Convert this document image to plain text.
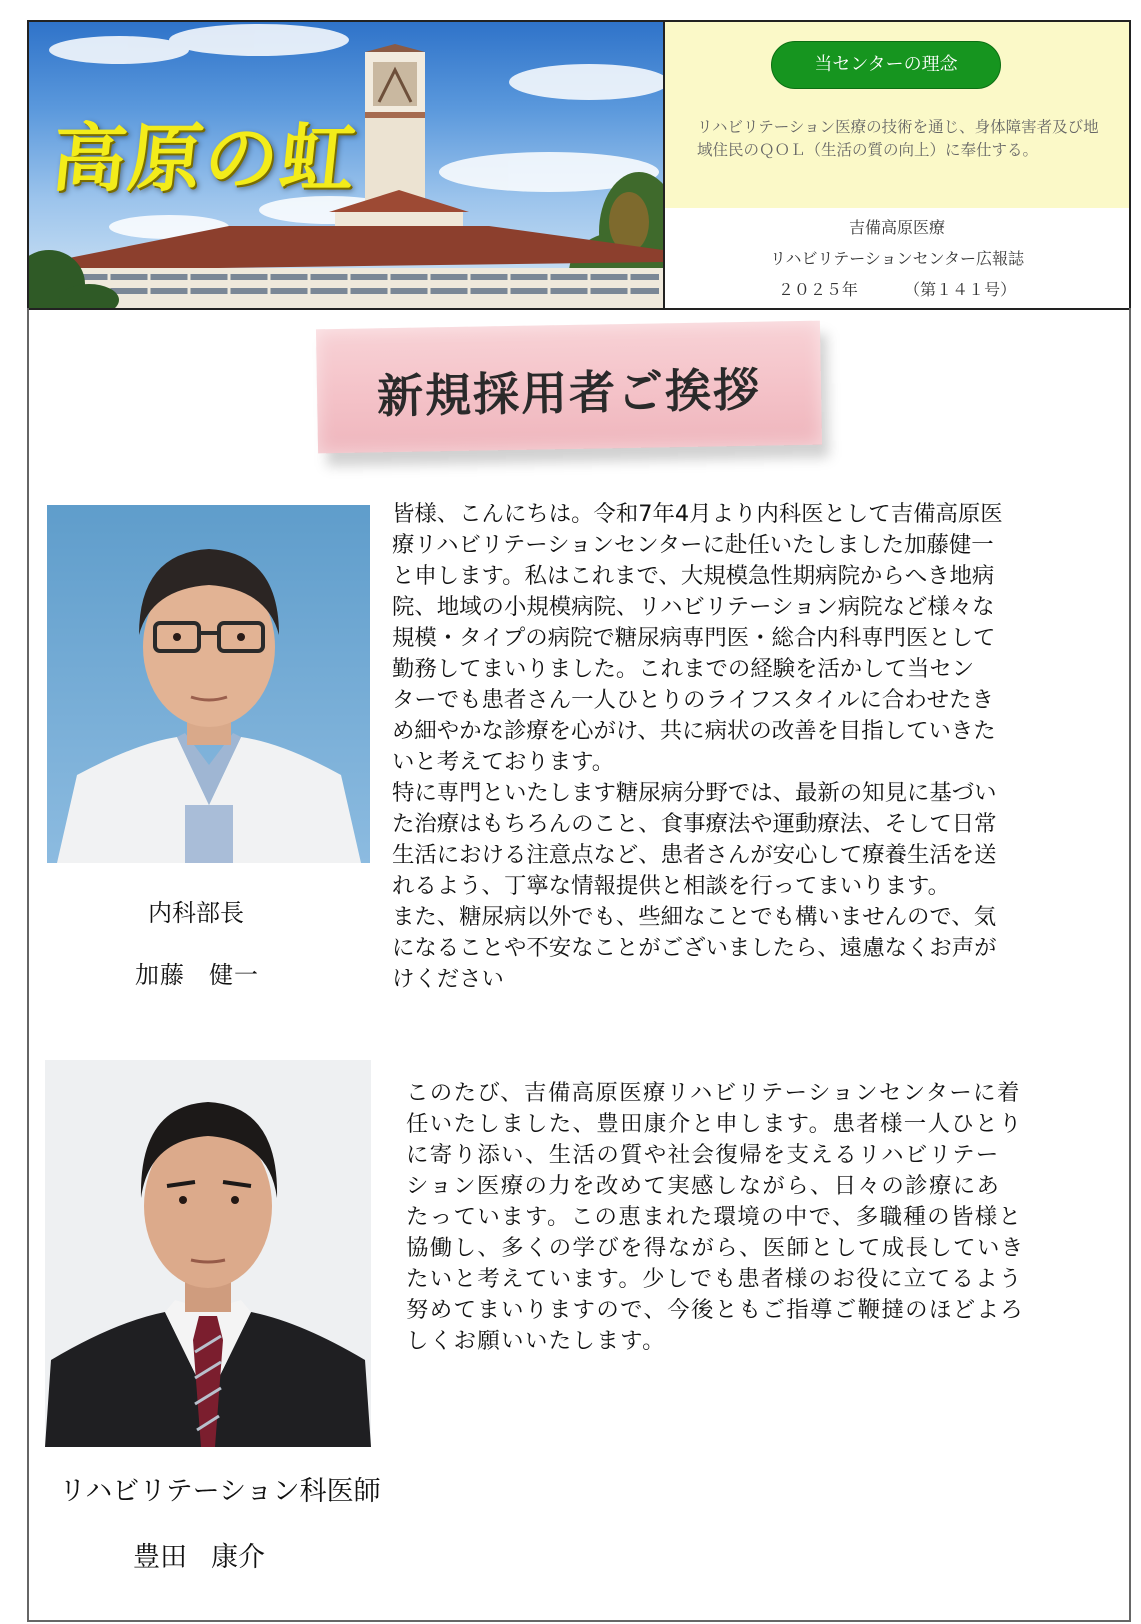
高原の虹
当センターの理念
リハビリテーション医療の技術を通じ、身体障害者及び地域住民のＱＯＬ（生活の質の向上）に奉仕する。
吉備高原医療
リハビリテーションセンター広報誌
２０２５年	（第１４１号）
新規採用者ご挨拶
内科部長
加藤 健一
皆様、こんにちは。令和7年4月より内科医として吉備高原医
療リハビリテーションセンターに赴任いたしました加藤健一
と申します。私はこれまで、大規模急性期病院からへき地病
院、地域の小規模病院、リハビリテーション病院など様々な
規模・タイプの病院で糖尿病専門医・総合内科専門医として
勤務してまいりました。これまでの経験を活かして当セン
ターでも患者さん一人ひとりのライフスタイルに合わせたき
め細やかな診療を心がけ、共に病状の改善を目指していきた
いと考えております。
特に専門といたします糖尿病分野では、最新の知見に基づい
た治療はもちろんのこと、食事療法や運動療法、そして日常
生活における注意点など、患者さんが安心して療養生活を送
れるよう、丁寧な情報提供と相談を行ってまいります。
また、糖尿病以外でも、些細なことでも構いませんので、気
になることや不安なことがございましたら、遠慮なくお声が
けください
リハビリテーション科医師
豊田 康介
このたび、吉備高原医療リハビリテーションセンターに着
任いたしました、豊田康介と申します。患者様一人ひとり
に寄り添い、生活の質や社会復帰を支えるリハビリテー
ション医療の力を改めて実感しながら、日々の診療にあ
たっています。この恵まれた環境の中で、多職種の皆様と
協働し、多くの学びを得ながら、医師として成長していき
たいと考えています。少しでも患者様のお役に立てるよう
努めてまいりますので、今後ともご指導ご鞭撻のほどよろ
しくお願いいたします。
